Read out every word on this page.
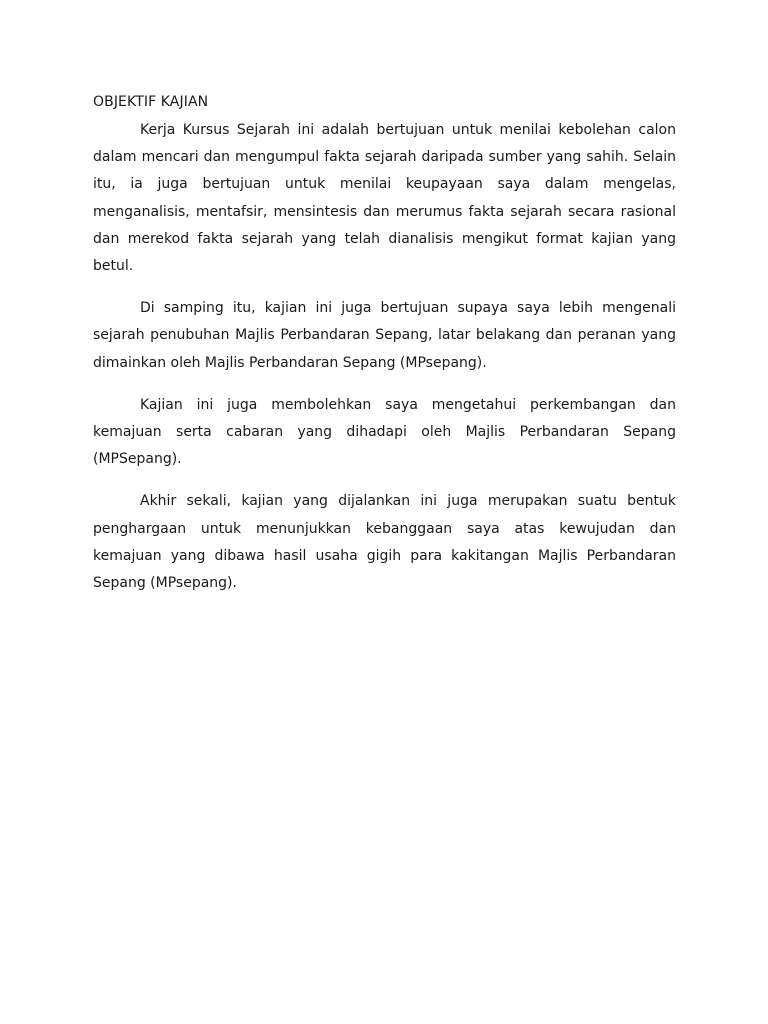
OBJEKTIF KAJIAN

Kerja Kursus Sejarah ini adalah bertujuan untuk menilai kebolehan calon dalam mencari dan mengumpul fakta sejarah daripada sumber yang sahih. Selain itu, ia juga bertujuan untuk menilai keupayaan saya dalam mengelas, menganalisis, mentafsir, mensintesis dan merumus fakta sejarah secara rasional dan merekod fakta sejarah yang telah dianalisis mengikut format kajian yang betul.

Di samping itu, kajian ini juga bertujuan supaya saya lebih mengenali sejarah penubuhan Majlis Perbandaran Sepang, latar belakang dan peranan yang dimainkan oleh Majlis Perbandaran Sepang (MPsepang).

Kajian ini juga membolehkan saya mengetahui perkembangan dan kemajuan serta cabaran yang dihadapi oleh Majlis Perbandaran Sepang (MPSepang).

Akhir sekali, kajian yang dijalankan ini juga merupakan suatu bentuk penghargaan untuk menunjukkan kebanggaan saya atas kewujudan dan kemajuan yang dibawa hasil usaha gigih para kakitangan Majlis Perbandaran Sepang (MPsepang).
